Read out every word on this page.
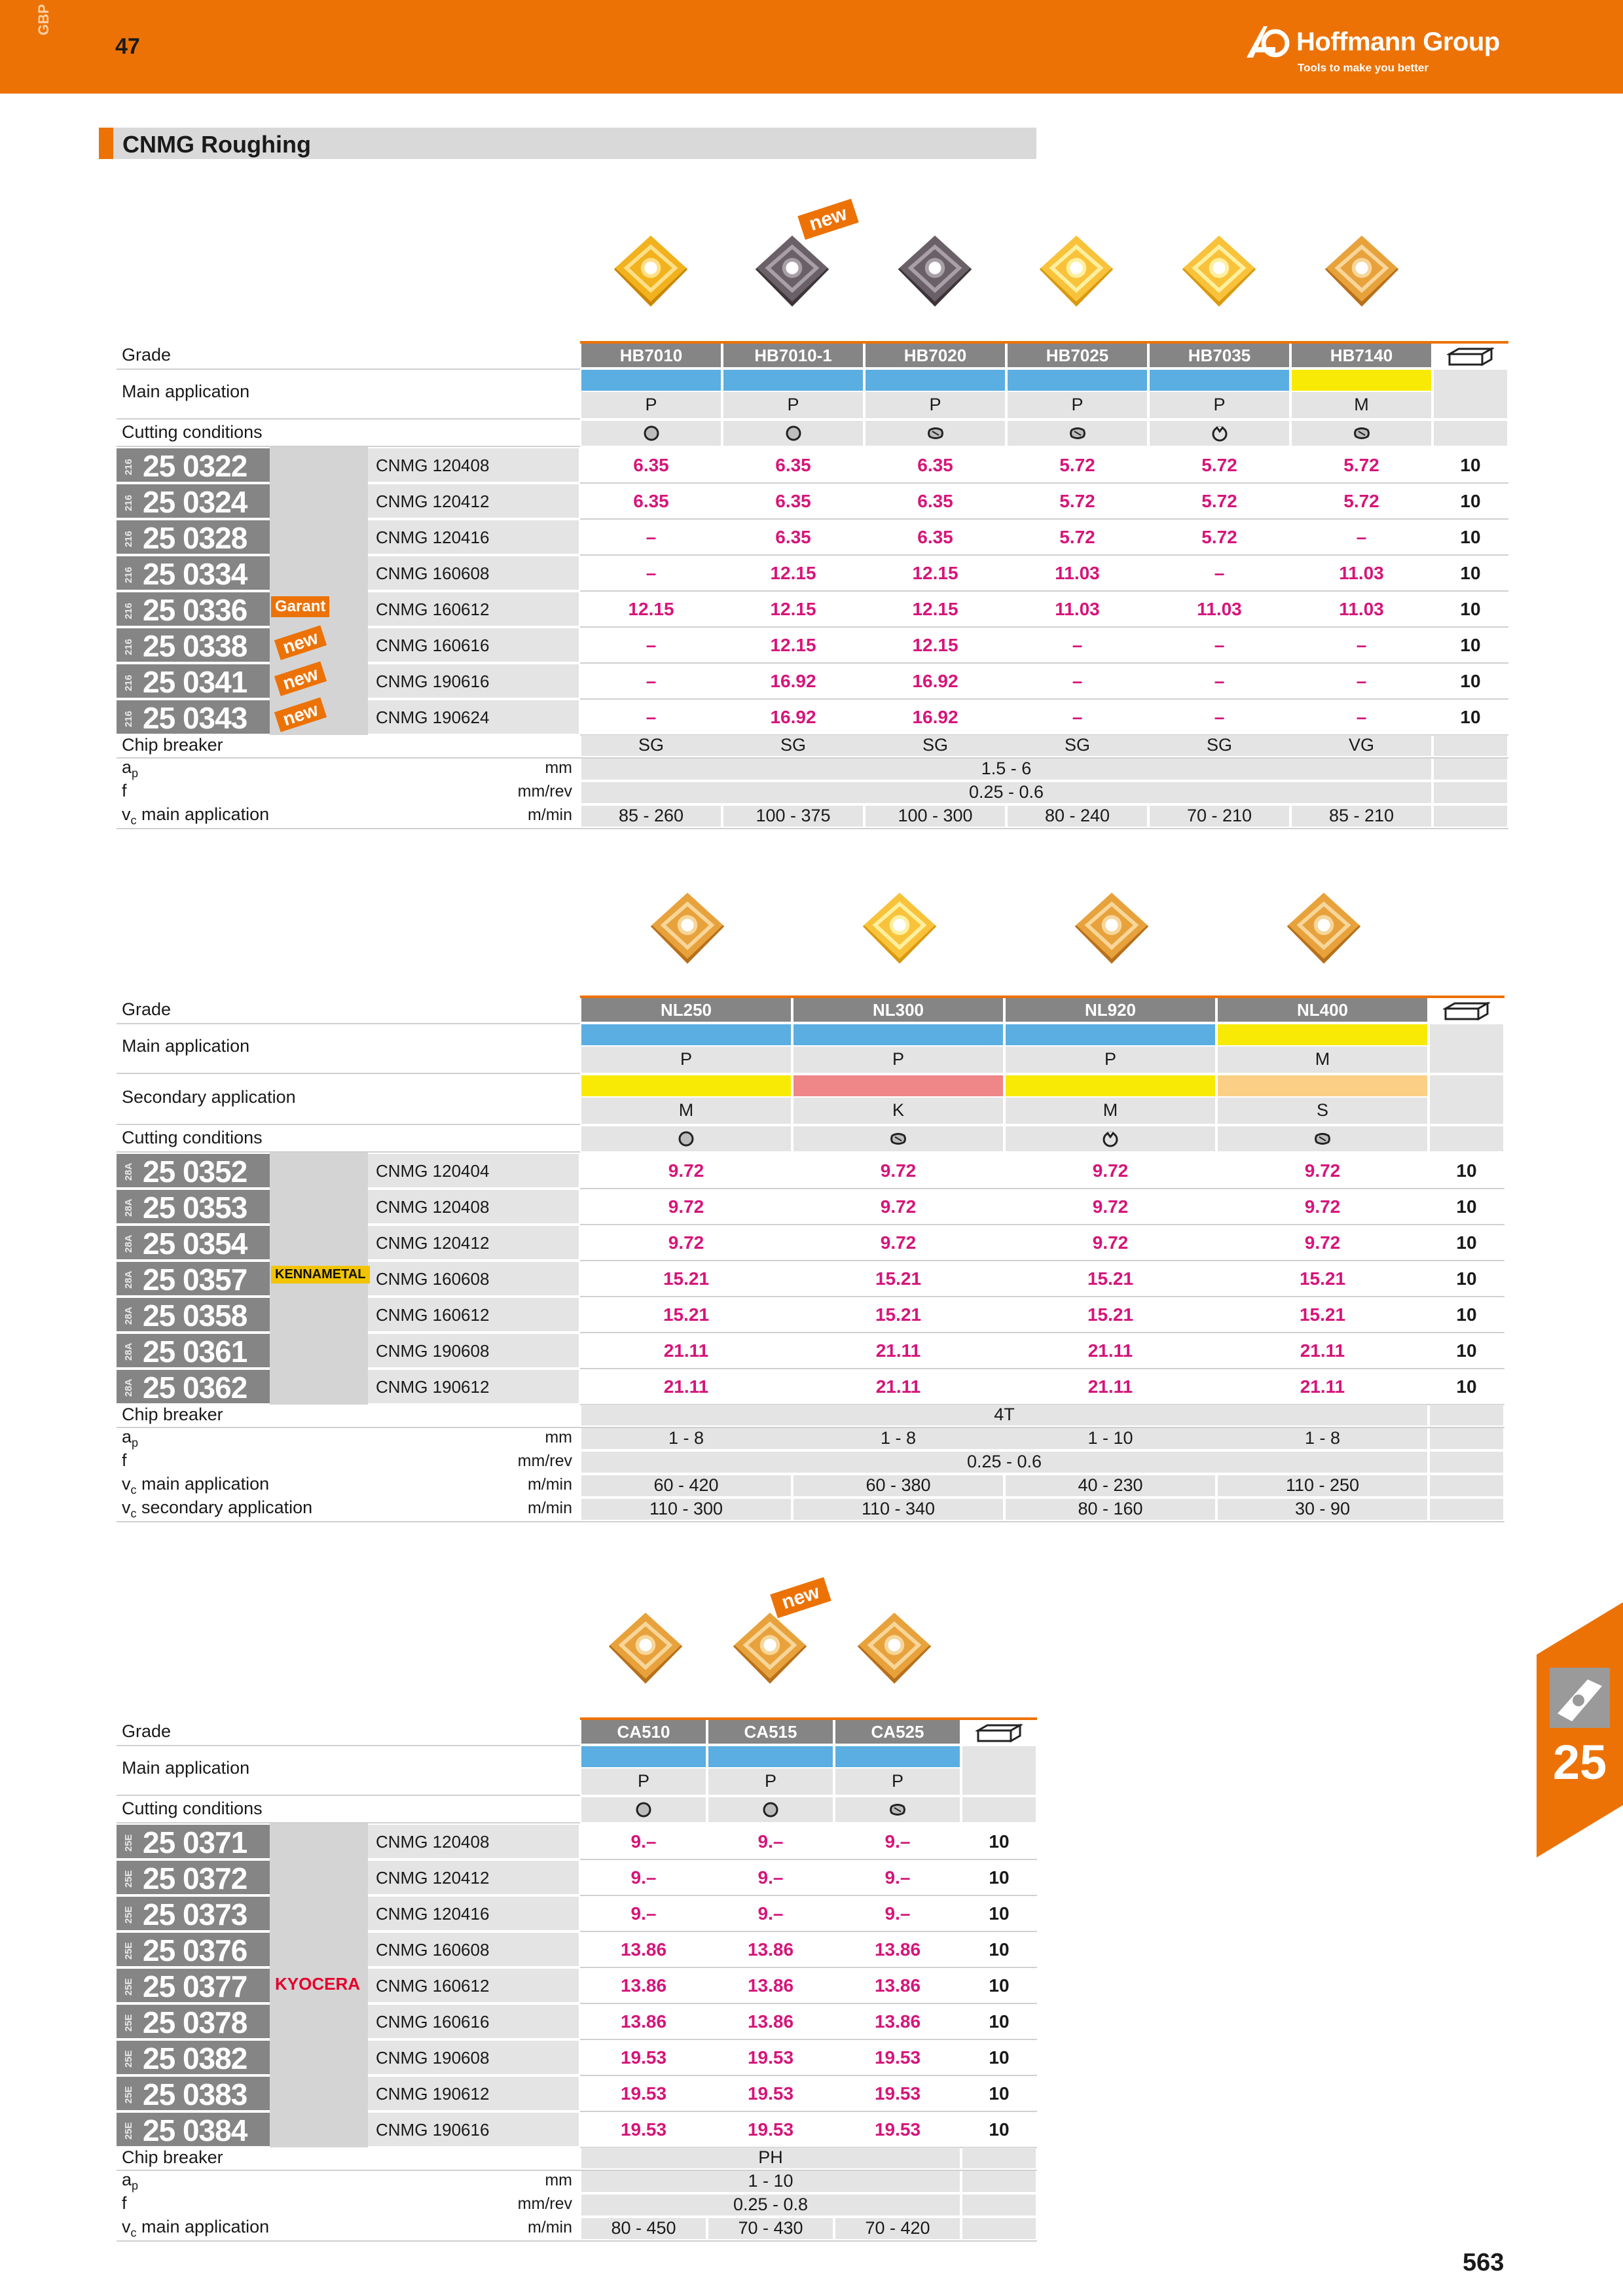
GBP
47	Hoffmann Group
Tools to make you better
CNMG Roughing
new
Grade	HB7010	HB7010-1	HB7020	HB7025	HB7035	HB7140
Main application
P	P	P	P	P	M
Cutting conditions
216 25 0322	CNMG 120408	6.35	6.35	6.35	5.72	5.72	5.72	10
216 25 0324	CNMG 120412	6.35	6.35	6.35	5.72	5.72	5.72	10
216 25 0328	CNMG 120416	–	6.35	6.35	5.72	5.72	–	10
216 25 0334	CNMG 160608	–	12.15	12.15	11.03	–	11.03	10
216 25 0336	CNMG 160612	12.15	12.15	12.15	11.03	11.03	11.03	10
216 25 0338	new	CNMG 160616	–	12.15	12.15	–	–	–	10
216 25 0341	new	CNMG 190616	–	16.92	16.92	–	–	–	10
216 25 0343	new	CNMG 190624	–	16.92	16.92	–	–	–	10
Garant
Chip breaker	SG	SG	SG	SG	SG	VG
$a_p$	mm	1.5 - 6
f	mm/rev	0.25 - 0.6
$v_c$ main application	m/min	85 - 260	100 - 375	100 - 300	80 - 240	70 - 210	85 - 210
Grade	NL250	NL300	NL920	NL400
Main application
P	P	P	M
Secondary application
M	K	M	S
Cutting conditions
28A 25 0352	CNMG 120404	9.72	9.72	9.72	9.72	10
28A 25 0353	CNMG 120408	9.72	9.72	9.72	9.72	10
28A 25 0354	CNMG 120412	9.72	9.72	9.72	9.72	10
28A 25 0357	CNMG 160608	15.21	15.21	15.21	15.21	10
28A 25 0358	CNMG 160612	15.21	15.21	15.21	15.21	10
28A 25 0361	CNMG 190608	21.11	21.11	21.11	21.11	10
28A 25 0362	CNMG 190612	21.11	21.11	21.11	21.11	10
KENNAMETAL
Chip breaker	4T
$a_p$	mm	1 - 8	1 - 8	1 - 10	1 - 8
f	mm/rev	0.25 - 0.6
$v_c$ main application	m/min	60 - 420	60 - 380	40 - 230	110 - 250
$v_c$ secondary application	m/min	110 - 300	110 - 340	80 - 160	30 - 90
new
Grade	CA510	CA515	CA525
Main application
P	P	P
Cutting conditions
25E 25 0371	CNMG 120408	9.–	9.–	9.–	10
25E 25 0372	CNMG 120412	9.–	9.–	9.–	10
25E 25 0373	CNMG 120416	9.–	9.–	9.–	10
25E 25 0376	CNMG 160608	13.86	13.86	13.86	10
25E 25 0377	CNMG 160612	13.86	13.86	13.86	10
25E 25 0378	CNMG 160616	13.86	13.86	13.86	10
25E 25 0382	CNMG 190608	19.53	19.53	19.53	10
25E 25 0383	CNMG 190612	19.53	19.53	19.53	10
25E 25 0384	CNMG 190616	19.53	19.53	19.53	10
KYOCERA
Chip breaker	PH
$a_p$	mm	1 - 10
f	mm/rev	0.25 - 0.8
$v_c$ main application	m/min	80 - 450	70 - 430	70 - 420
25
563
